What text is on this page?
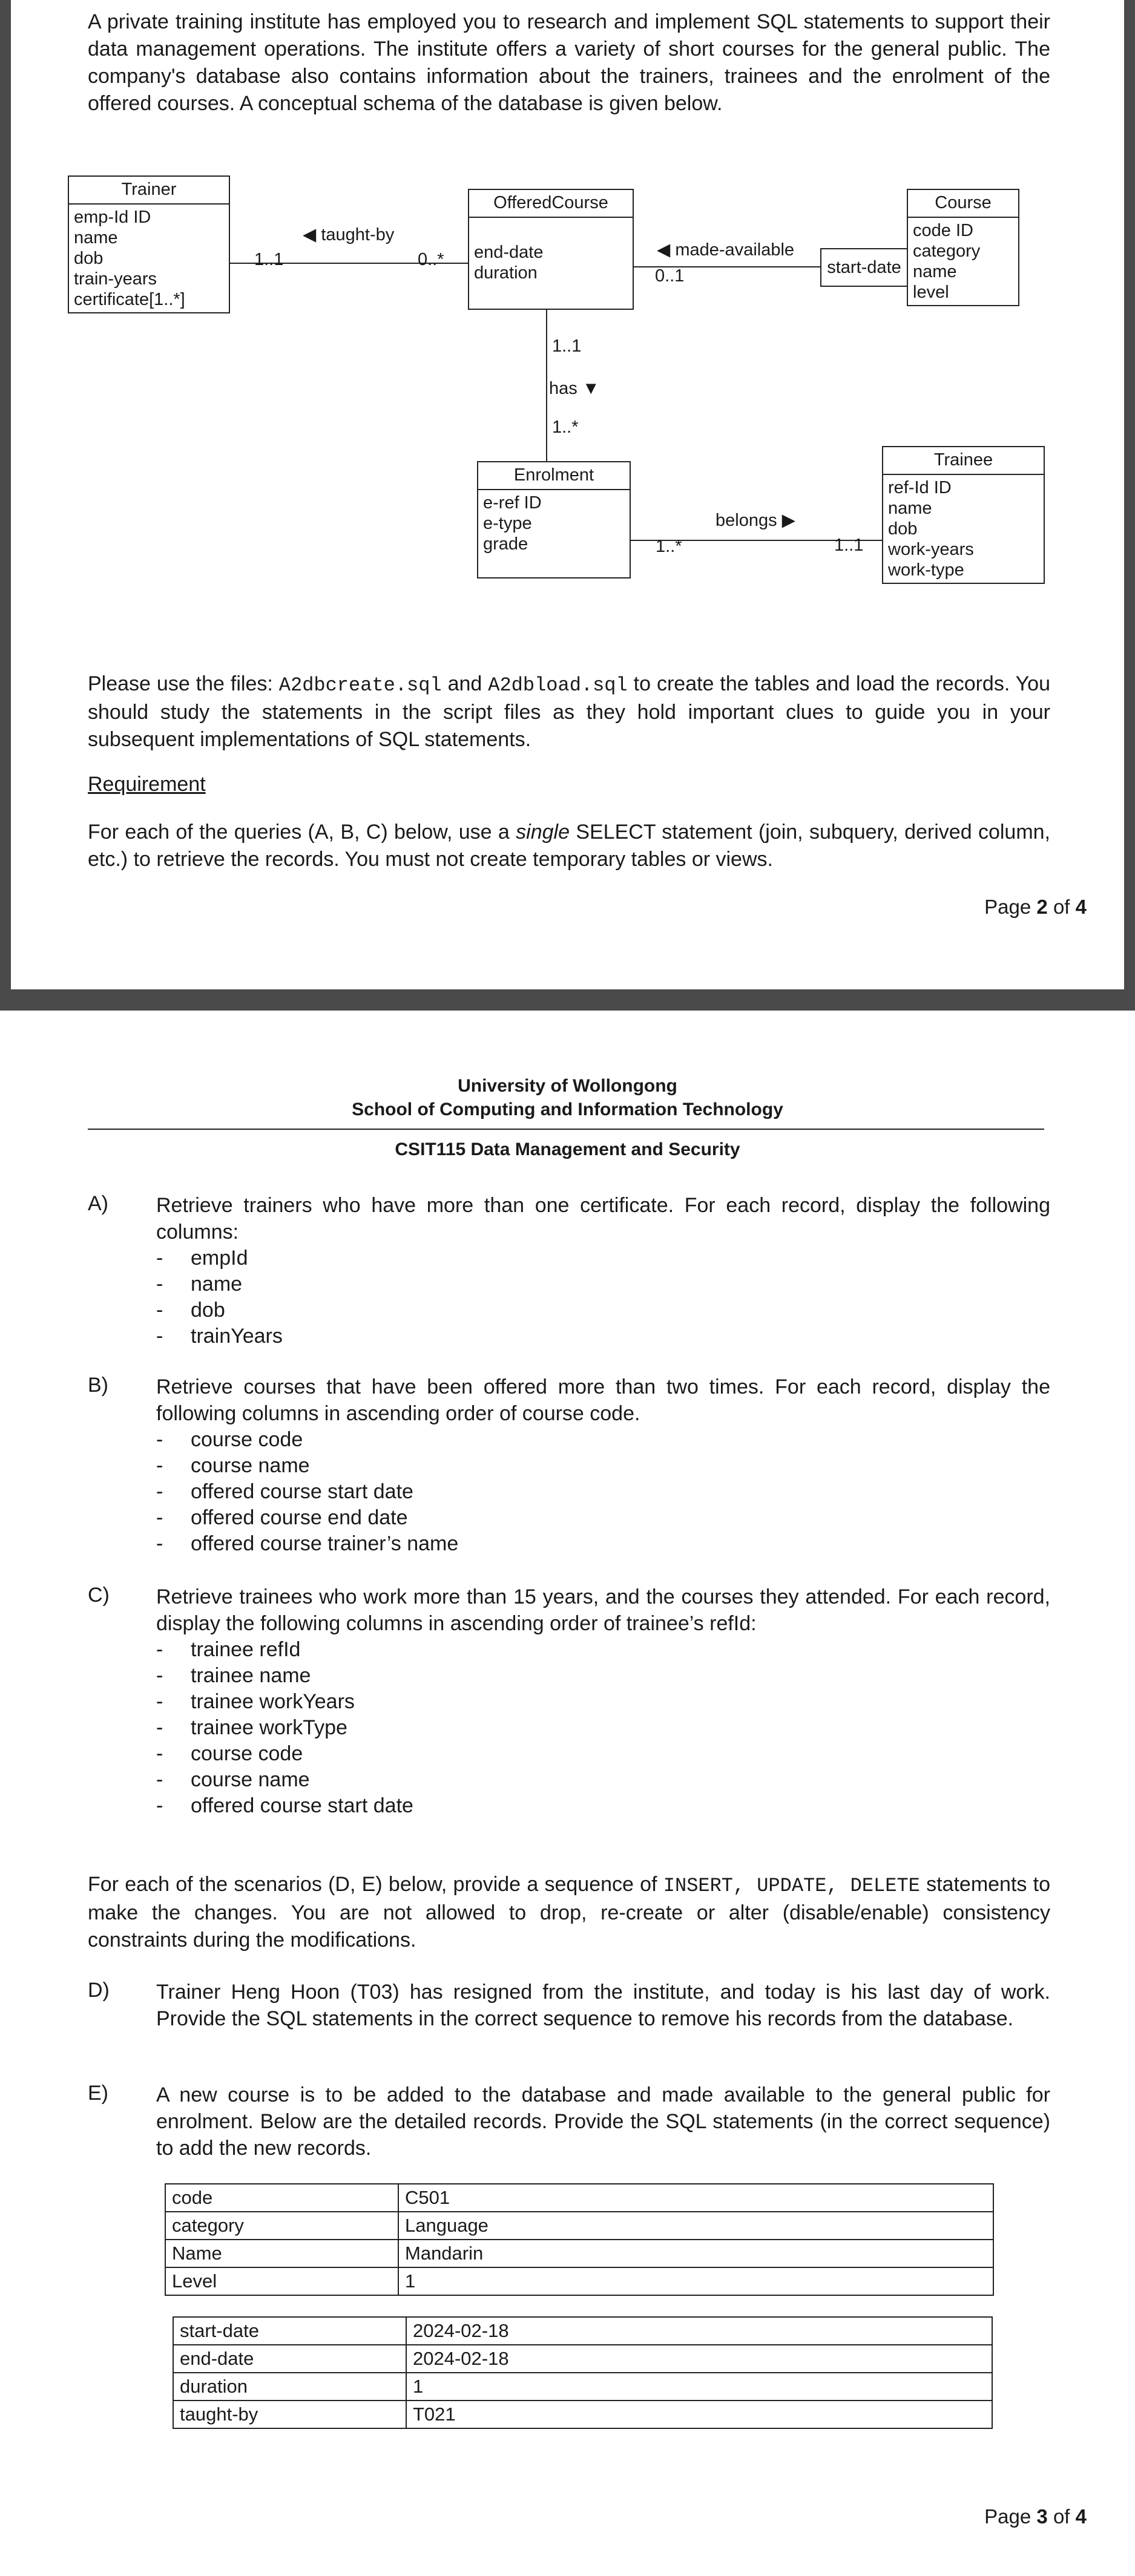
A private training institute has employed you to research and implement SQL statements to support their data management operations. The institute offers a variety of short courses for the general public. The company's database also contains information about the trainers, trainees and the enrolment of the offered courses. A conceptual schema of the database is given below.
Trainer
emp-Id ID
name
dob
train-years
certificate[1..*]
OfferedCourse
end-date
duration
Course
code ID
category
name
level
start-date
Enrolment
e-ref ID
e-type
grade
Trainee
ref-Id ID
name
dob
work-years
work-type
◀ taught-by
1..1	0..*	◀ made-available
0..1
1..1
has ▼
1..*
belongs ▶
1..*	1..1
Please use the files: A2dbcreate.sql and A2dbload.sql to create the tables and load the records. You should study the statements in the script files as they hold important clues to guide you in your subsequent implementations of SQL statements.
Requirement
For each of the queries (A, B, C) below, use a single SELECT statement (join, subquery, derived column, etc.) to retrieve the records. You must not create temporary tables or views.
Page 2 of 4
University of Wollongong
School of Computing and Information Technology
CSIT115 Data Management and Security
A) Retrieve trainers who have more than one certificate. For each record, display the following columns:
- empId
- name
- dob
- trainYears
B) Retrieve courses that have been offered more than two times. For each record, display the following columns in ascending order of course code.
- course code
- course name
- offered course start date
- offered course end date
- offered course trainer’s name
C) Retrieve trainees who work more than 15 years, and the courses they attended. For each record, display the following columns in ascending order of trainee’s refId:
- trainee refId
- trainee name
- trainee workYears
- trainee workType
- course code
- course name
- offered course start date
For each of the scenarios (D, E) below, provide a sequence of INSERT, UPDATE, DELETE statements to make the changes. You are not allowed to drop, re-create or alter (disable/enable) consistency constraints during the modifications.
D) Trainer Heng Hoon (T03) has resigned from the institute, and today is his last day of work. Provide the SQL statements in the correct sequence to remove his records from the database.
E) A new course is to be added to the database and made available to the general public for enrolment. Below are the detailed records. Provide the SQL statements (in the correct sequence) to add the new records.
code	C501
category	Language
Name	Mandarin
Level	1
start-date	2024-02-18
end-date	2024-02-18
duration	1
taught-by	T021
Page 3 of 4
